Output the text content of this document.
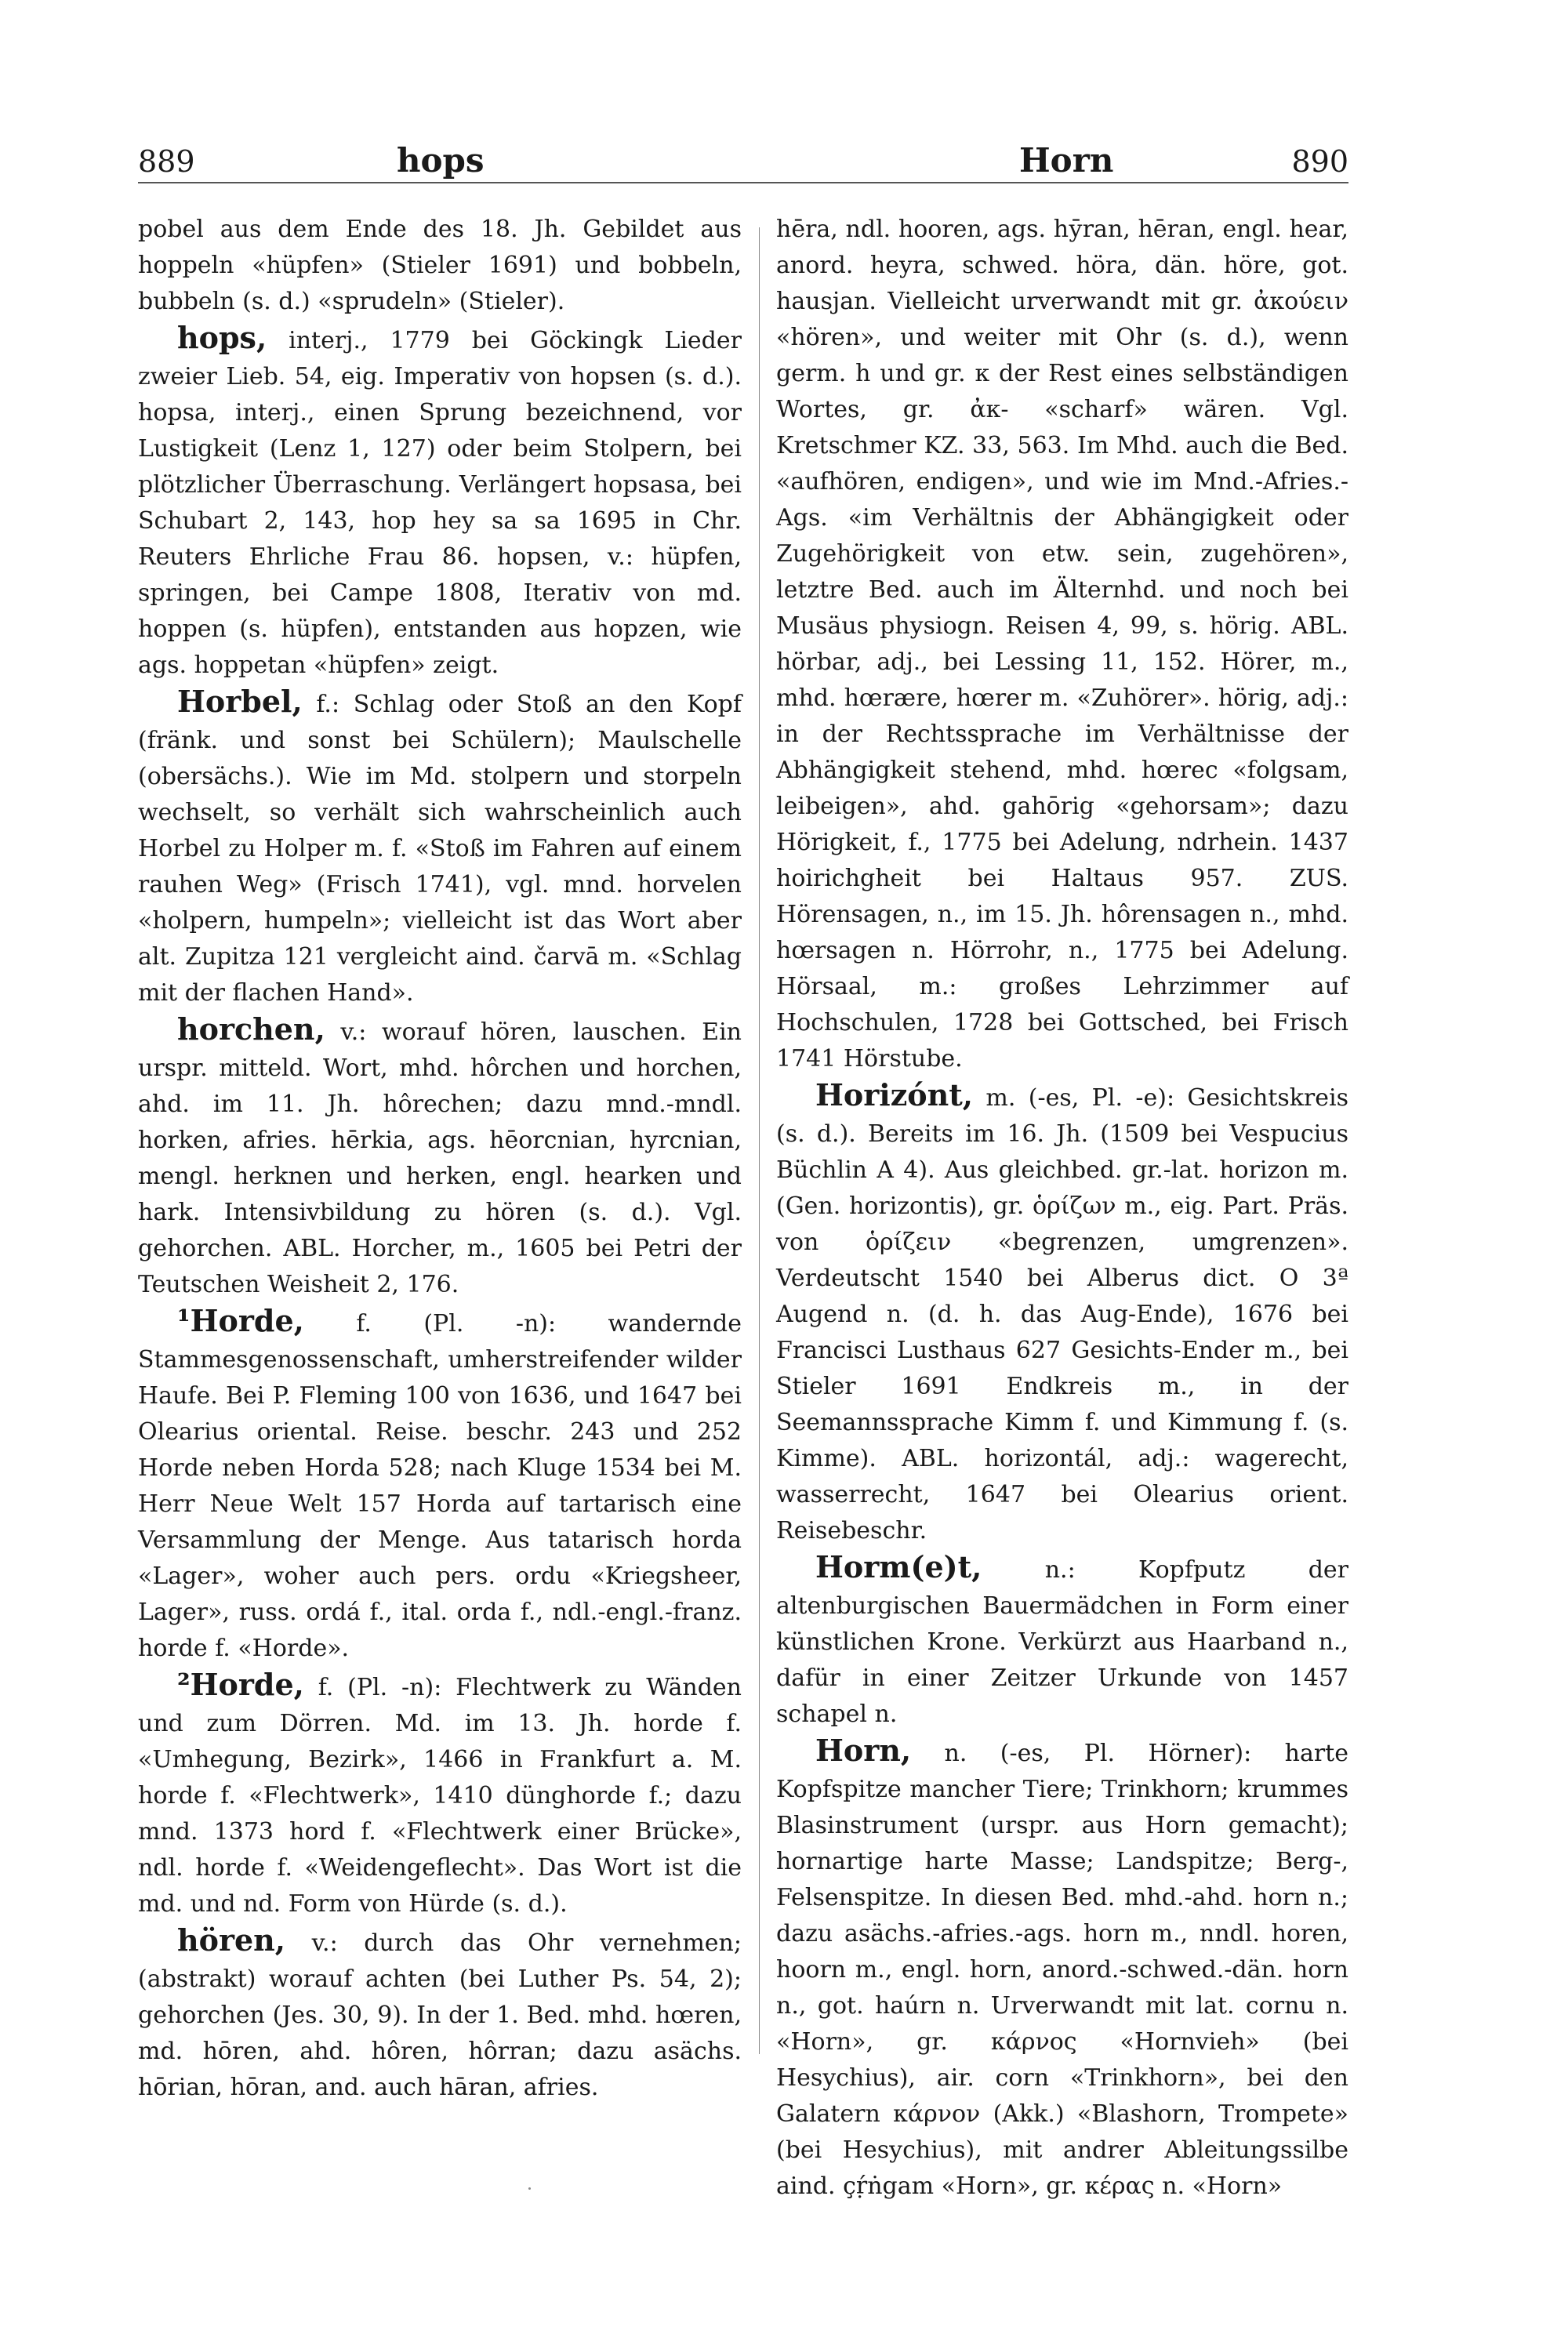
889	hops	Horn	890

pobel aus dem Ende des 18. Jh. Gebildet aus hoppeln «hüpfen» (Stieler 1691) und bobbeln, bubbeln (s. d.) «sprudeln» (Stieler).

hops, interj., 1779 bei Göckingk Lieder zweier Lieb. 54, eig. Imperativ von hopsen (s. d.). hopsa, interj., einen Sprung bezeichnend, vor Lustigkeit (Lenz 1, 127) oder beim Stolpern, bei plötzlicher Überraschung. Verlängert hopsasa, bei Schubart 2, 143, hop hey sa sa 1695 in Chr. Reuters Ehrliche Frau 86. hopsen, v.: hüpfen, springen, bei Campe 1808, Iterativ von md. hoppen (s. hüpfen), entstanden aus hopzen, wie ags. hoppetan «hüpfen» zeigt.

Horbel, f.: Schlag oder Stoß an den Kopf (fränk. und sonst bei Schülern); Maulschelle (obersächs.). Wie im Md. stolpern und storpeln wechselt, so verhält sich wahrscheinlich auch Horbel zu Holper m. f. «Stoß im Fahren auf einem rauhen Weg» (Frisch 1741), vgl. mnd. horvelen «holpern, humpeln»; vielleicht ist das Wort aber alt. Zupitza 121 vergleicht aind. čarvā m. «Schlag mit der flachen Hand».

horchen, v.: worauf hören, lauschen. Ein urspr. mitteld. Wort, mhd. hôrchen und horchen, ahd. im 11. Jh. hôrechen; dazu mnd.-mndl. horken, afries. hērkia, ags. hēorcnian, hyrcnian, mengl. herknen und herken, engl. hearken und hark. Intensivbildung zu hören (s. d.). Vgl. gehorchen. ABL. Horcher, m., 1605 bei Petri der Teutschen Weisheit 2, 176.

¹Horde, f. (Pl. -n): wandernde Stammesgenossenschaft, umherstreifender wilder Haufe. Bei P. Fleming 100 von 1636, und 1647 bei Olearius oriental. Reise. beschr. 243 und 252 Horde neben Horda 528; nach Kluge 1534 bei M. Herr Neue Welt 157 Horda auf tartarisch eine Versammlung der Menge. Aus tatarisch horda «Lager», woher auch pers. ordu «Kriegsheer, Lager», russ. ordá f., ital. orda f., ndl.-engl.-franz. horde f. «Horde».

²Horde, f. (Pl. -n): Flechtwerk zu Wänden und zum Dörren. Md. im 13. Jh. horde f. «Umhegung, Bezirk», 1466 in Frankfurt a. M. horde f. «Flechtwerk», 1410 dünghorde f.; dazu mnd. 1373 hord f. «Flechtwerk einer Brücke», ndl. horde f. «Weidengeflecht». Das Wort ist die md. und nd. Form von Hürde (s. d.).

hören, v.: durch das Ohr vernehmen; (abstrakt) worauf achten (bei Luther Ps. 54, 2); gehorchen (Jes. 30, 9). In der 1. Bed. mhd. hœren, md. hōren, ahd. hôren, hôrran; dazu asächs. hōrian, hōran, and. auch hāran, afries.

hēra, ndl. hooren, ags. hӯran, hēran, engl. hear, anord. heyra, schwed. höra, dän. höre, got. hausjan. Vielleicht urverwandt mit gr. ἀκούειν «hören», und weiter mit Ohr (s. d.), wenn germ. h und gr. κ der Rest eines selbständigen Wortes, gr. ἀκ- «scharf» wären. Vgl. Kretschmer KZ. 33, 563. Im Mhd. auch die Bed. «aufhören, endigen», und wie im Mnd.-Afries.-Ags. «im Verhältnis der Abhängigkeit oder Zugehörigkeit von etw. sein, zugehören», letztre Bed. auch im Älternhd. und noch bei Musäus physiogn. Reisen 4, 99, s. hörig. ABL. hörbar, adj., bei Lessing 11, 152. Hörer, m., mhd. hœrære, hœrer m. «Zuhörer». hörig, adj.: in der Rechtssprache im Verhältnisse der Abhängigkeit stehend, mhd. hœrec «folgsam, leibeigen», ahd. gahōrig «gehorsam»; dazu Hörigkeit, f., 1775 bei Adelung, ndrhein. 1437 hoirichgheit bei Haltaus 957. ZUS. Hörensagen, n., im 15. Jh. hôrensagen n., mhd. hœrsagen n. Hörrohr, n., 1775 bei Adelung. Hörsaal, m.: großes Lehrzimmer auf Hochschulen, 1728 bei Gottsched, bei Frisch 1741 Hörstube.

Horizónt, m. (-es, Pl. -e): Gesichtskreis (s. d.). Bereits im 16. Jh. (1509 bei Vespucius Büchlin A 4). Aus gleichbed. gr.-lat. horizon m. (Gen. horizontis), gr. ὁρίζων m., eig. Part. Präs. von ὁρίζειν «begrenzen, umgrenzen». Verdeutscht 1540 bei Alberus dict. O 3ª Augend n. (d. h. das Aug-Ende), 1676 bei Francisci Lusthaus 627 Gesichts-Ender m., bei Stieler 1691 Endkreis m., in der Seemannssprache Kimm f. und Kimmung f. (s. Kimme). ABL. horizontál, adj.: wagerecht, wasserrecht, 1647 bei Olearius orient. Reisebeschr.

Horm(e)t,	n.: Kopfputz der altenburgischen Bauermädchen in Form einer künstlichen Krone. Verkürzt aus Haarband n., dafür in einer Zeitzer Urkunde von 1457 schapel n.

Horn, n. (-es, Pl. Hörner): harte Kopfspitze mancher Tiere; Trinkhorn; krummes Blasinstrument (urspr. aus Horn gemacht); hornartige harte Masse; Landspitze; Berg-, Felsenspitze. In diesen Bed. mhd.-ahd. horn n.; dazu asächs.-afries.-ags. horn m., nndl. horen, hoorn m., engl. horn, anord.-schwed.-dän. horn n., got. haúrn n. Urverwandt mit lat. cornu n. «Horn», gr. κάρνος «Hornvieh» (bei Hesychius), air. corn «Trinkhorn», bei den Galatern κάρνον (Akk.) «Blashorn, Trompete» (bei Hesychius), mit andrer Ableitungssilbe aind. çṛ́ṅgam «Horn», gr. κέρας n. «Horn»
